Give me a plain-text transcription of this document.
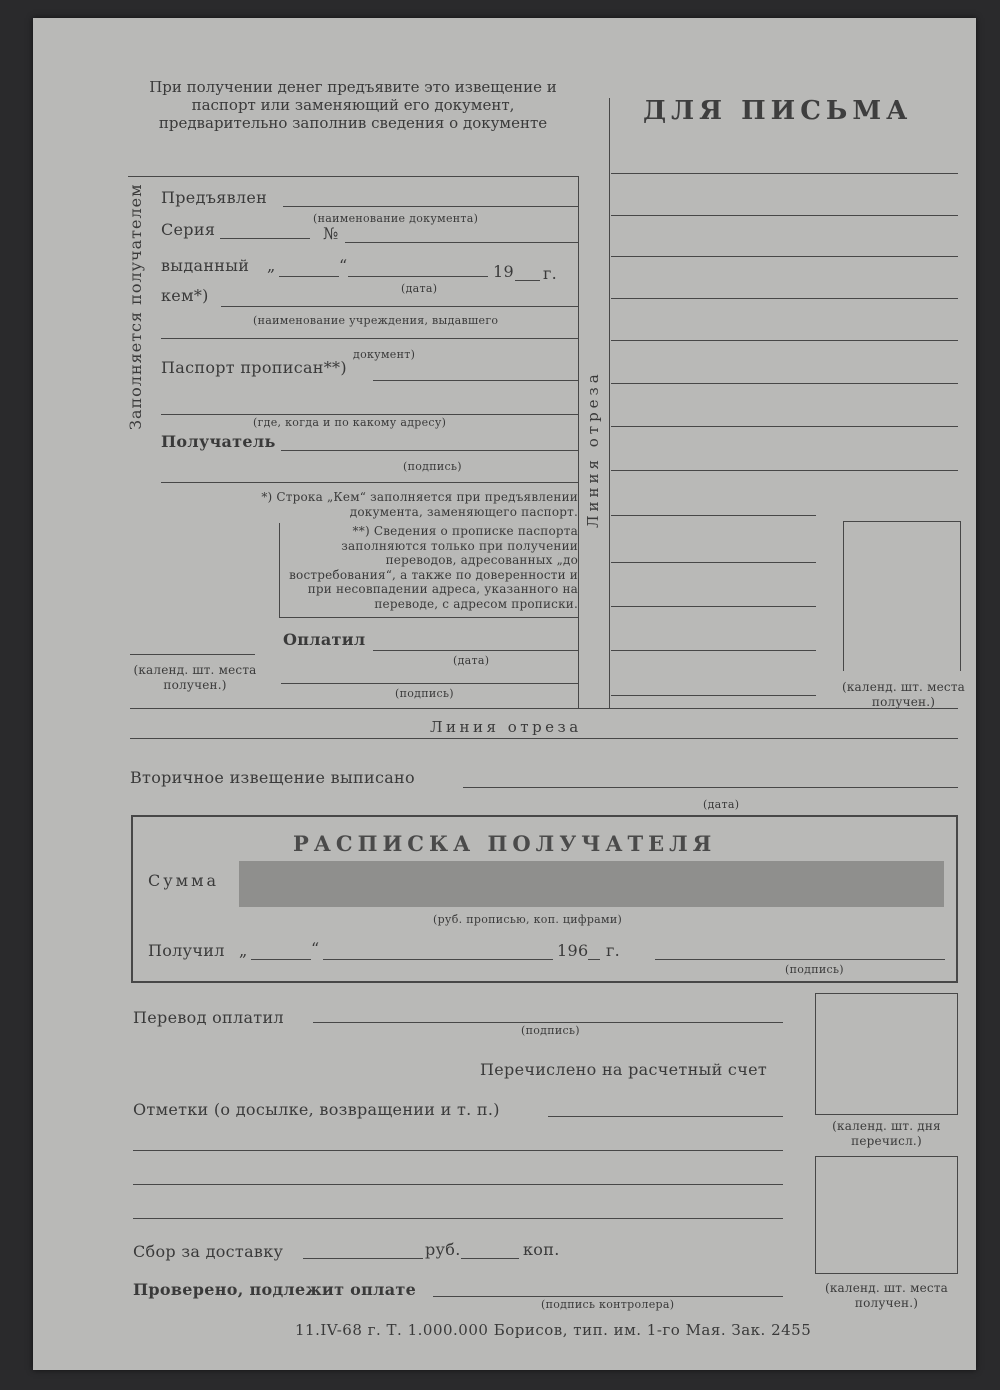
При получении денег предъявите это извещение и паспорт или заменяющий его документ, предварительно заполнив сведения о документе	ДЛЯ ПИСЬМА
Линия отреза
Заполняется получателем Предъявлен
(наименование документа)
Серия	№
выданный „	“	19 г.
(дата)
кем*)
(наименование учреждения, выдавшего
документ)
Паспорт прописан**)
(где, когда и по какому адресу)
Получатель
(подпись)
*) Строка „Кем“ заполняется при предъявлении документа, заменяющего паспорт.
**) Сведения о прописке паспорта заполняются только при получении переводов, адресованных „до востребования“, а также по доверенности и при несовпадении адреса, указанного на переводе, с адресом прописки.
Оплатил
(дата)
(подпись)
(календ. шт. места получен.)	(календ. шт. места получен.)
Линия отреза
Вторичное извещение выписано
(дата)
РАСПИСКА ПОЛУЧАТЕЛЯ
Сумма
(руб. прописью, коп. цифрами)
Получил „	“	196 г.
(подпись)
Перевод оплатил
(подпись)
Перечислено на расчетный счет
(календ. шт. дня перечисл.)
Отметки (о досылке, возвращении и т. п.)
(календ. шт. места получен.)
Сбор за доставку	руб.	коп.
Проверено, подлежит оплате
(подпись контролера)
11.IV-68 г. Т. 1.000.000 Борисов, тип. им. 1-го Мая. Зак. 2455
